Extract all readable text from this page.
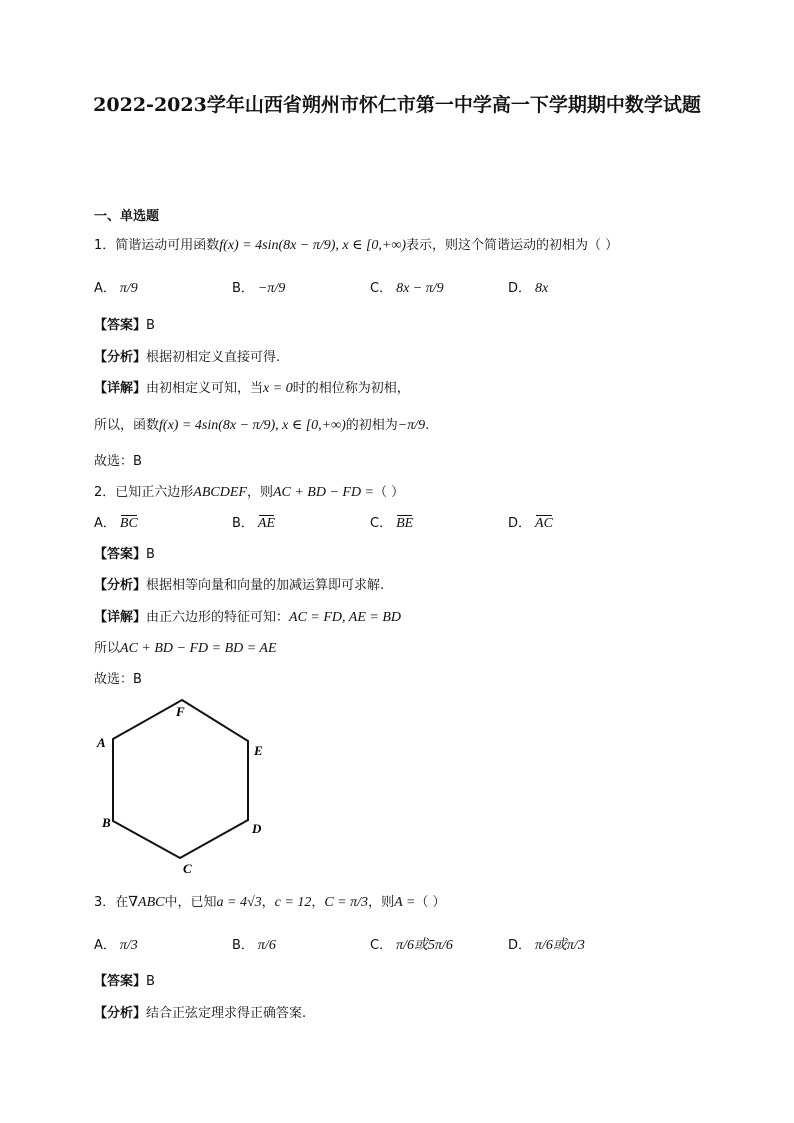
2022-2023学年山西省朔州市怀仁市第一中学高一下学期期中数学试题
一、单选题
1．简谐运动可用函数f(x) = 4sin(8x − π/9), x ∈ [0,+∞)表示，则这个简谐运动的初相为（ ）
A． π/9	B． −π/9	C． 8x − π/9	D． 8x
【答案】B
【分析】根据初相定义直接可得.
【详解】由初相定义可知，当x = 0时的相位称为初相，
所以，函数f(x) = 4sin(8x − π/9), x ∈ [0,+∞)的初相为−π/9.
故选：B
2．已知正六边形ABCDEF，则AC + BD − FD =（ ）
A． BC	B． AE	C． BE	D． AC
【答案】B
【分析】根据相等向量和向量的加减运算即可求解.
【详解】由正六边形的特征可知：AC = FD, AE = BD
所以AC + BD − FD = BD = AE
故选：B
F
A
E
B	D
C
3．在∇ABC中，已知a = 4√3，c = 12，C = π/3，则A =（ ）
A． π/3	B． π/6	C． π/6或5π/6	D． π/6或π/3
【答案】B
【分析】结合正弦定理求得正确答案.
